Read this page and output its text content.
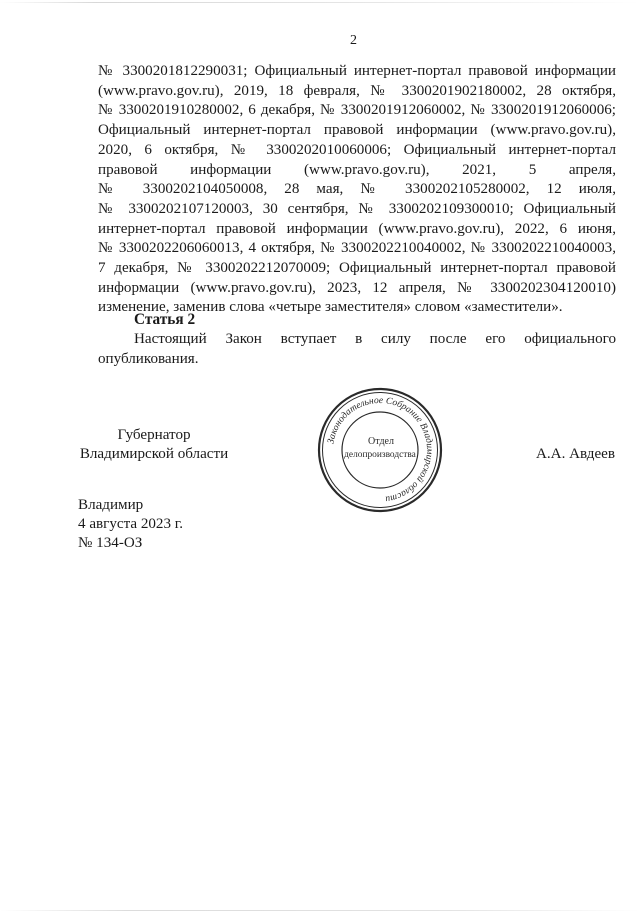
2
№ 3300201812290031; Официальный интернет-портал правовой информации
(www.pravo.gov.ru), 2019, 18 февраля, № 3300201902180002, 28 октября,
№ 3300201910280002, 6 декабря, № 3300201912060002, № 3300201912060006;
Официальный интернет-портал правовой информации (www.pravo.gov.ru),
2020, 6 октября, № 3300202010060006; Официальный интернет-портал
правовой информации (www.pravo.gov.ru), 2021, 5 апреля,
№ 3300202104050008, 28 мая, № 3300202105280002, 12 июля,
№ 3300202107120003, 30 сентября, № 3300202109300010; Официальный
интернет-портал правовой информации (www.pravo.gov.ru), 2022, 6 июня,
№ 3300202206060013, 4 октября, № 3300202210040002, № 3300202210040003,
7 декабря, № 3300202212070009; Официальный интернет-портал правовой
информации (www.pravo.gov.ru), 2023, 12 апреля, № 3300202304120010)
изменение, заменив слова «четыре заместителя» словом «заместители».
Статья 2
Настоящий Закон вступает в силу после его официального
опубликования.
Губернатор
Владимирской области
Законодательное Собрание Владимирской области
Отдел
делопроизводства	А.А. Авдеев
Владимир
4 августа 2023 г.
№ 134-ОЗ
